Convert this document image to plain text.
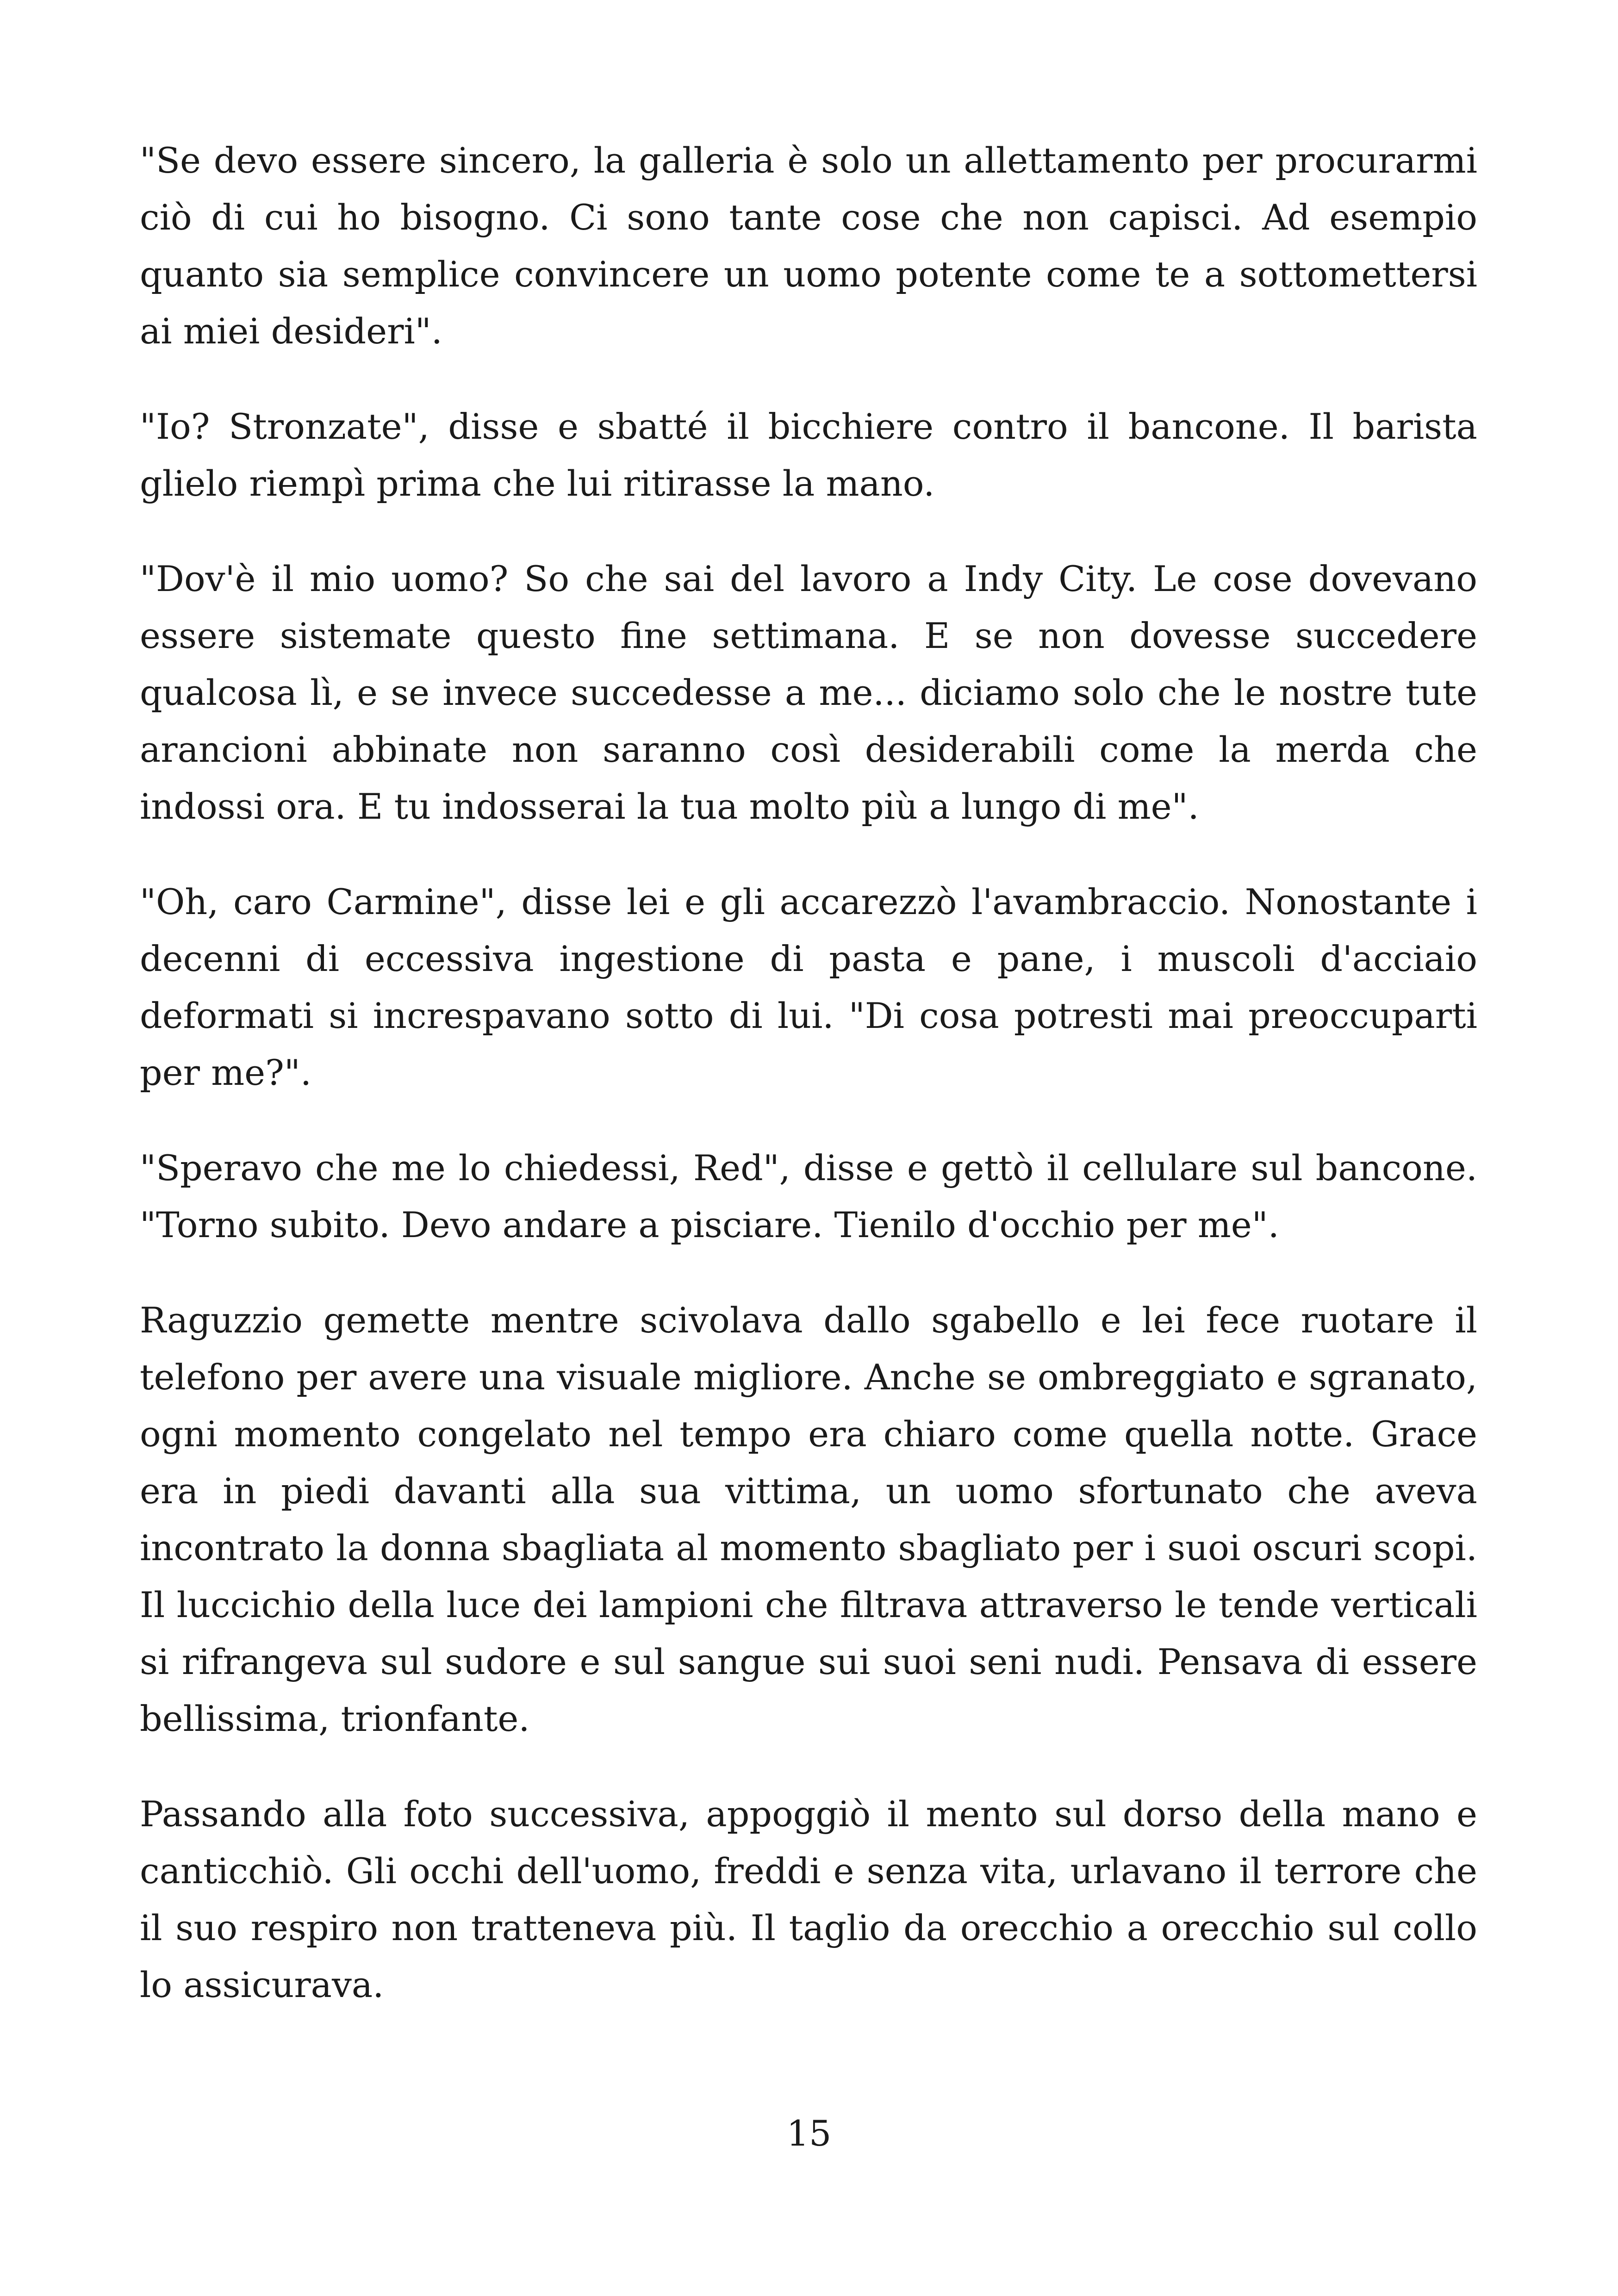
"Se devo essere sincero, la galleria è solo un allettamento per procurarmi ciò di cui ho bisogno. Ci sono tante cose che non capisci. Ad esempio quanto sia semplice convincere un uomo potente come te a sottomettersi ai miei desideri".

"Io? Stronzate", disse e sbatté il bicchiere contro il bancone. Il barista glielo riempì prima che lui ritirasse la mano.

"Dov'è il mio uomo? So che sai del lavoro a Indy City. Le cose dovevano essere sistemate questo fine settimana. E se non dovesse succedere qualcosa lì, e se invece succedesse a me... diciamo solo che le nostre tute arancioni abbinate non saranno così desiderabili come la merda che indossi ora. E tu indosserai la tua molto più a lungo di me".

"Oh, caro Carmine", disse lei e gli accarezzò l'avambraccio. Nonostante i decenni di eccessiva ingestione di pasta e pane, i muscoli d'acciaio deformati si increspavano sotto di lui. "Di cosa potresti mai preoccuparti per me?".

"Speravo che me lo chiedessi, Red", disse e gettò il cellulare sul bancone. "Torno subito. Devo andare a pisciare. Tienilo d'occhio per me".

Raguzzio gemette mentre scivolava dallo sgabello e lei fece ruotare il telefono per avere una visuale migliore. Anche se ombreggiato e sgranato, ogni momento congelato nel tempo era chiaro come quella notte. Grace era in piedi davanti alla sua vittima, un uomo sfortunato che aveva incontrato la donna sbagliata al momento sbagliato per i suoi oscuri scopi. Il luccichio della luce dei lampioni che filtrava attraverso le tende verticali si rifrangeva sul sudore e sul sangue sui suoi seni nudi. Pensava di essere bellissima, trionfante.

Passando alla foto successiva, appoggiò il mento sul dorso della mano e canticchiò. Gli occhi dell'uomo, freddi e senza vita, urlavano il terrore che il suo respiro non tratteneva più. Il taglio da orecchio a orecchio sul collo lo assicurava.

15
